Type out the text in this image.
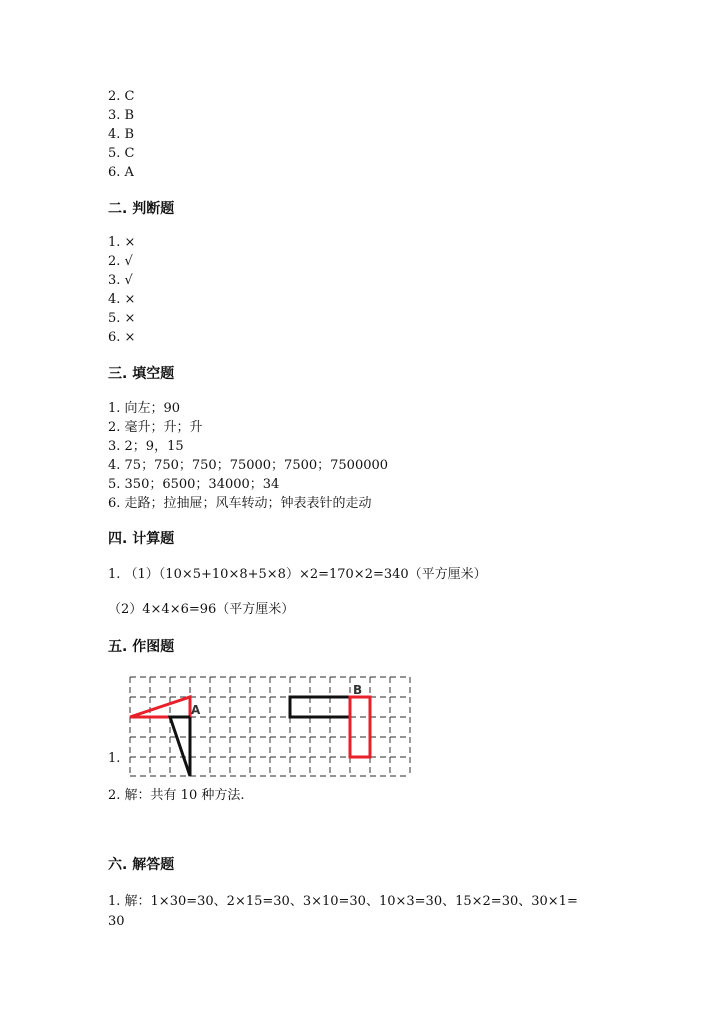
2. C
3. B
4. B
5. C
6. A
二. 判断题
1. ×
2. √
3. √
4. ×
5. ×
6. ×
三. 填空题
1. 向左；90
2. 毫升；升；升
3. 2；9，15
4. 75；750；750；75000；7500；7500000
5. 350；6500；34000；34
6. 走路；拉抽屉；风车转动；钟表表针的走动
四. 计算题
1. （1）（10×5+10×8+5×8）×2=170×2=340（平方厘米）
（2）4×4×6=96（平方厘米）
五. 作图题
A
B
1.
2. 解：共有 10 种方法.
六. 解答题
1. 解：1×30=30、2×15=30、3×10=30、10×3=30、15×2=30、30×1=
30
